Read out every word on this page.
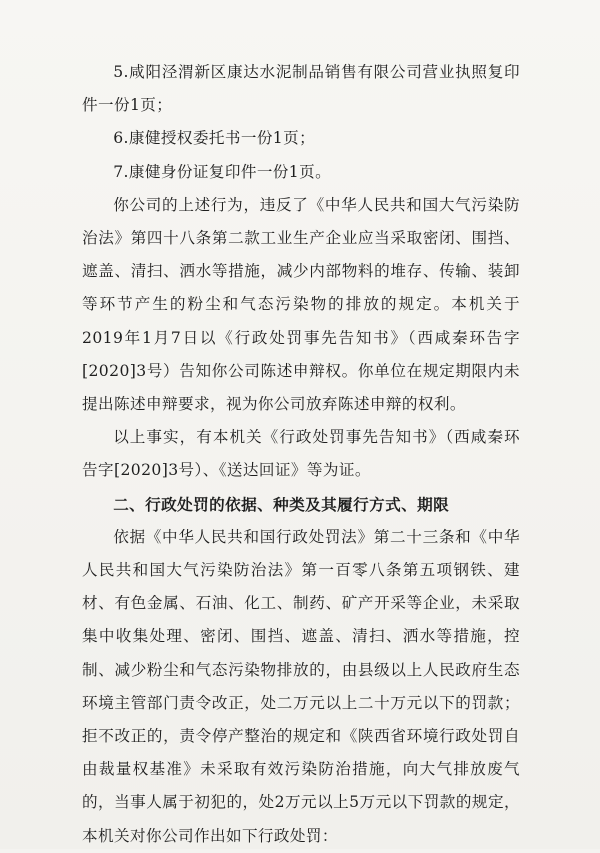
5.咸阳泾渭新区康达水泥制品销售有限公司营业执照复印件一份1页；

6.康健授权委托书一份1页；

7.康健身份证复印件一份1页。

你公司的上述行为，违反了《中华人民共和国大气污染防治法》第四十八条第二款工业生产企业应当采取密闭、围挡、遮盖、清扫、洒水等措施，减少内部物料的堆存、传输、装卸等环节产生的粉尘和气态污染物的排放的规定。本机关于2019年1月7日以《行政处罚事先告知书》（西咸秦环告字[2020]3号）告知你公司陈述申辩权。你单位在规定期限内未提出陈述申辩要求，视为你公司放弃陈述申辩的权利。

以上事实，有本机关《行政处罚事先告知书》（西咸秦环告字[2020]3号）、《送达回证》等为证。

二、行政处罚的依据、种类及其履行方式、期限

依据《中华人民共和国行政处罚法》第二十三条和《中华人民共和国大气污染防治法》第一百零八条第五项钢铁、建材、有色金属、石油、化工、制药、矿产开采等企业，未采取集中收集处理、密闭、围挡、遮盖、清扫、洒水等措施，控制、减少粉尘和气态污染物排放的，由县级以上人民政府生态环境主管部门责令改正，处二万元以上二十万元以下的罚款；拒不改正的，责令停产整治的规定和《陕西省环境行政处罚自由裁量权基准》未采取有效污染防治措施，向大气排放废气的，当事人属于初犯的，处2万元以上5万元以下罚款的规定，本机关对你公司作出如下行政处罚：
